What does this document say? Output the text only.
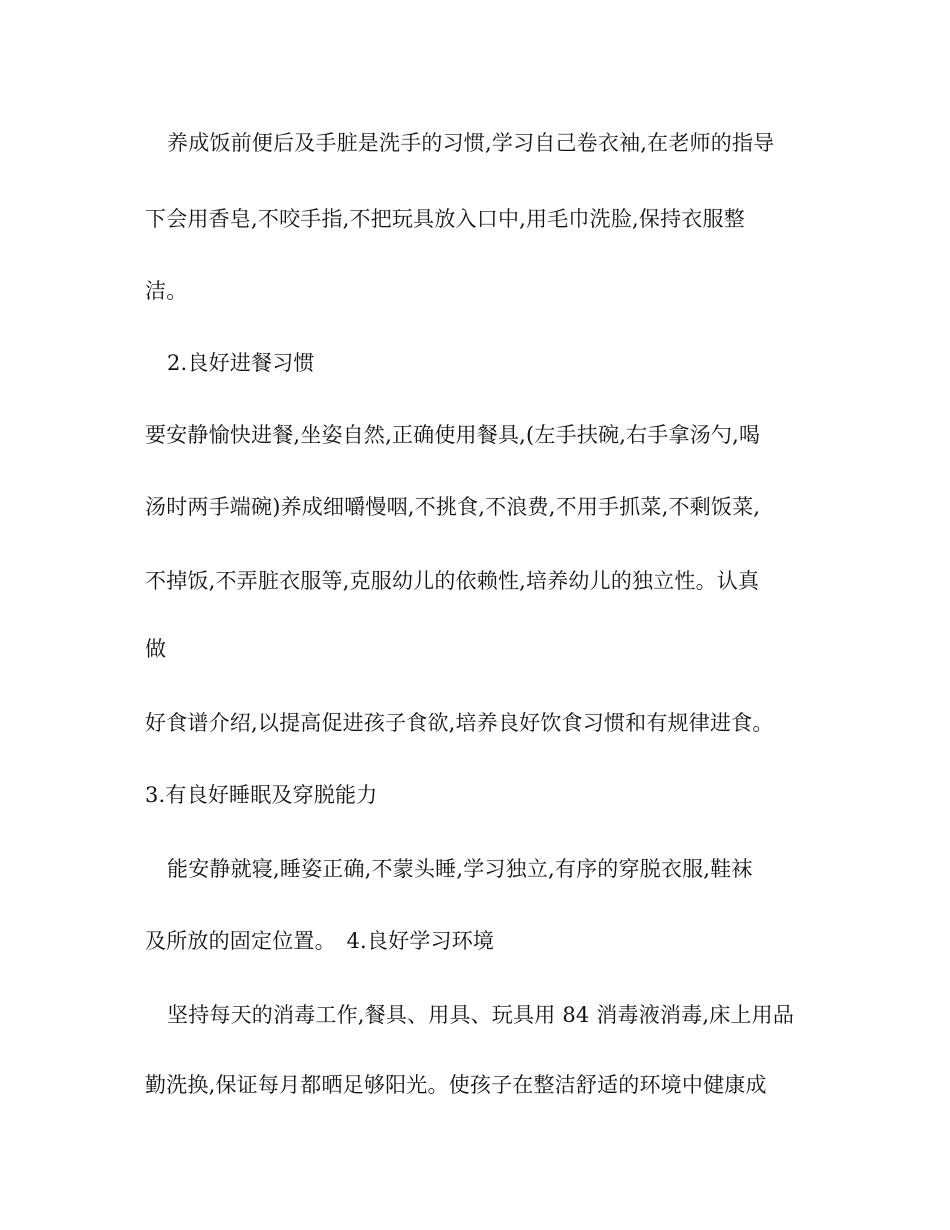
养成饭前便后及手脏是洗手的习惯,学习自己卷衣袖,在老师的指导
下会用香皂,不咬手指,不把玩具放入口中,用毛巾洗脸,保持衣服整
洁。
2.良好进餐习惯
要安静愉快进餐,坐姿自然,正确使用餐具,(左手扶碗,右手拿汤勺,喝
汤时两手端碗)养成细嚼慢咽,不挑食,不浪费,不用手抓菜,不剩饭菜,
不掉饭,不弄脏衣服等,克服幼儿的依赖性,培养幼儿的独立性。认真
做
好食谱介绍,以提高促进孩子食欲,培养良好饮食习惯和有规律进食。
3.有良好睡眠及穿脱能力
能安静就寝,睡姿正确,不蒙头睡,学习独立,有序的穿脱衣服,鞋袜
及所放的固定位置。　4.良好学习环境
坚持每天的消毒工作,餐具、用具、玩具用 84 消毒液消毒,床上用品
勤洗换,保证每月都晒足够阳光。使孩子在整洁舒适的环境中健康成
